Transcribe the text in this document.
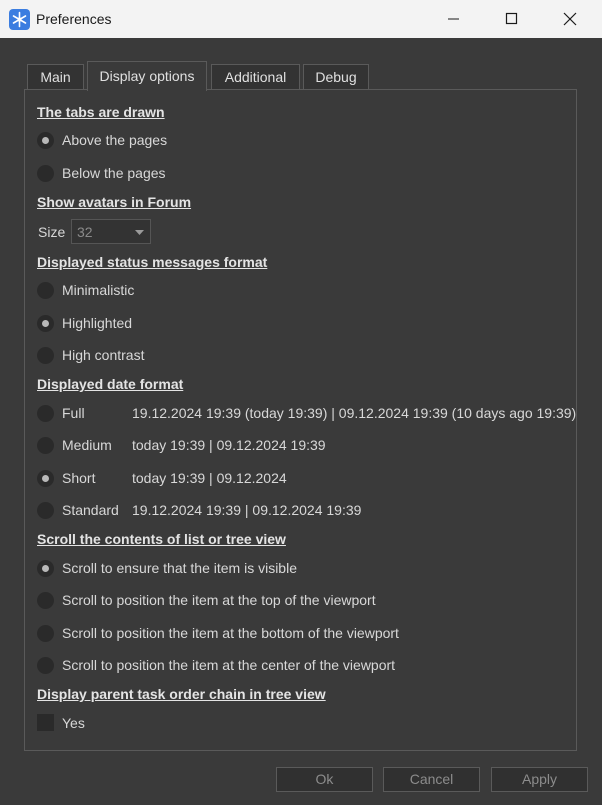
Preferences
Main	Display options	Additional	Debug
The tabs are drawn
Above the pages
Below the pages
Show avatars in Forum
Size 32
Displayed status messages format
Minimalistic
Highlighted
High contrast
Displayed date format
Full	19.12.2024 19:39 (today 19:39) | 09.12.2024 19:39 (10 days ago 19:39)
Medium today 19:39 | 09.12.2024 19:39
Short	today 19:39 | 09.12.2024
Standard 19.12.2024 19:39 | 09.12.2024 19:39
Scroll the contents of list or tree view
Scroll to ensure that the item is visible
Scroll to position the item at the top of the viewport
Scroll to position the item at the bottom of the viewport
Scroll to position the item at the center of the viewport
Display parent task order chain in tree view
Yes
Ok	Cancel	Apply
